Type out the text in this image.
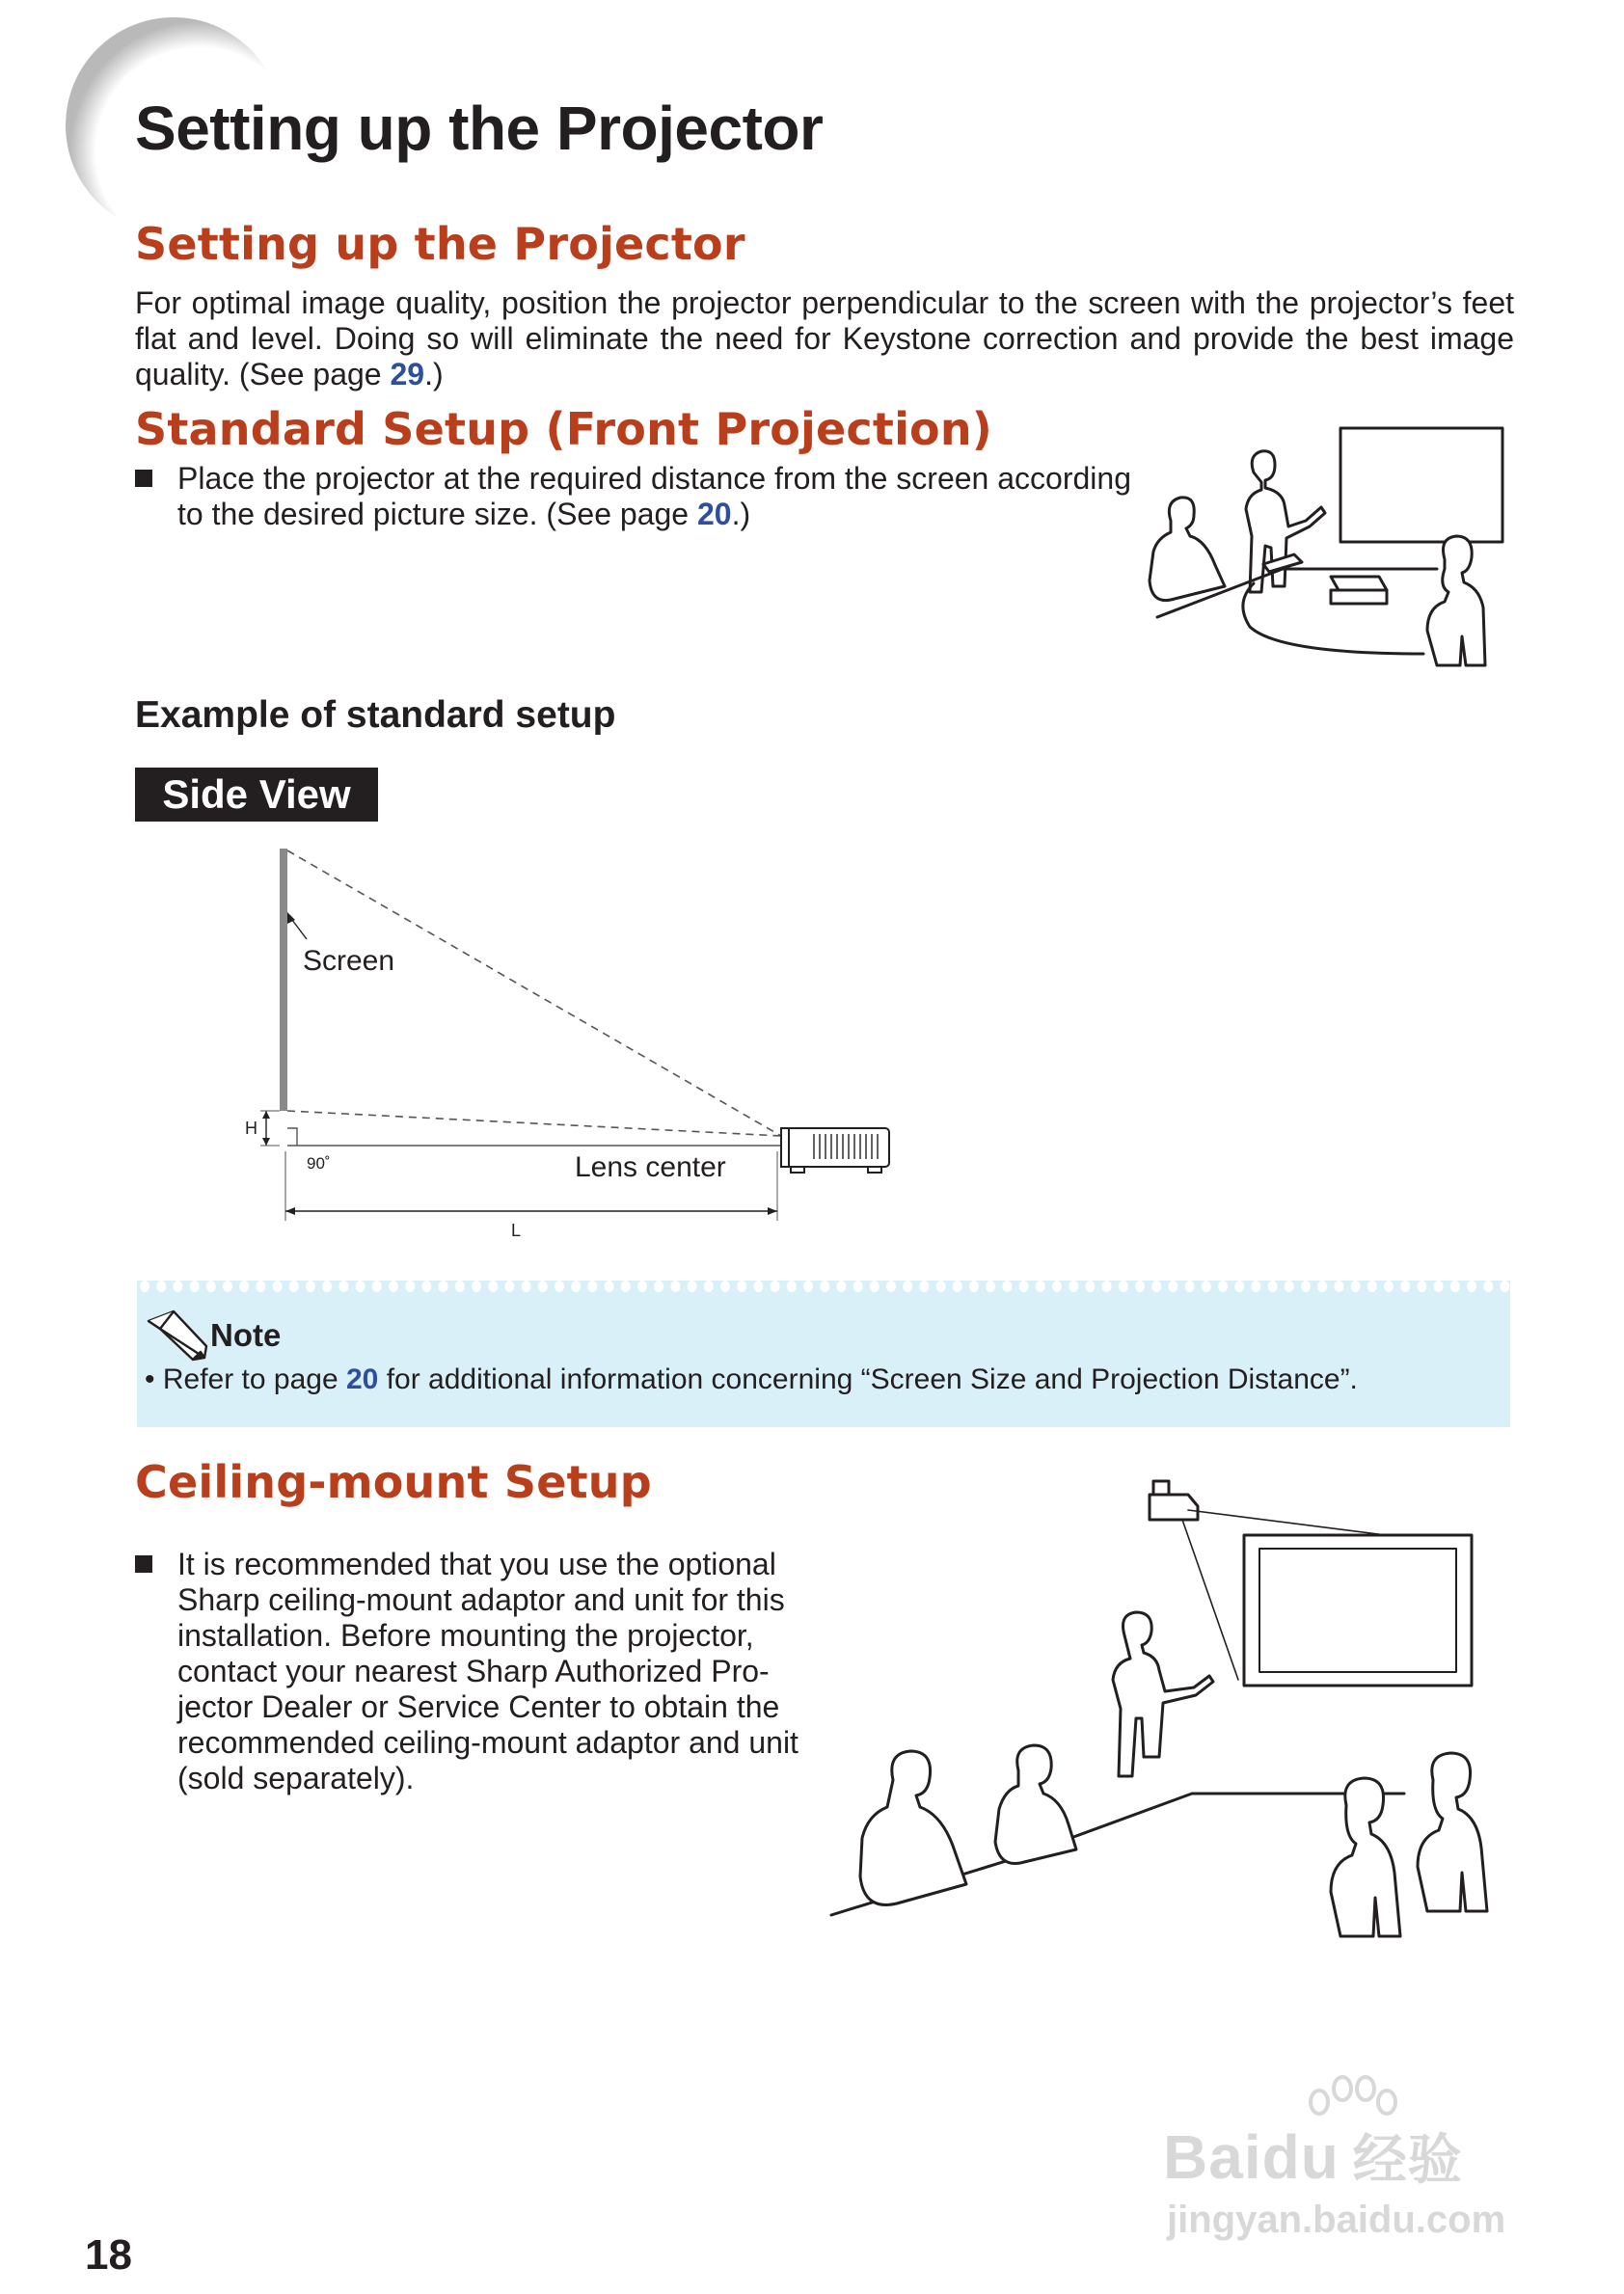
Setting up the Projector
Setting up the Projector

For optimal image quality, position the projector perpendicular to the screen with the projector’s feet

flat and level. Doing so will eliminate the need for Keystone correction and provide the best image

quality. (See page 29.)

Standard Setup (Front Projection)

Place the projector at the required distance from the screen according

to the desired picture size. (See page 20.)

Example of standard setup
Side View
Screen
H
90˚	Lens center
L
Note
• Refer to page 20 for additional information concerning “Screen Size and Projection Distance”.
Ceiling-mount Setup

It is recommended that you use the optional

Sharp ceiling-mount adaptor and unit for this

installation. Before mounting the projector,

contact your nearest Sharp Authorized Pro-

jector Dealer or Service Center to obtain the

recommended ceiling-mount adaptor and unit

(sold separately).

Baidu 经验
jingyan.baidu.com
18
